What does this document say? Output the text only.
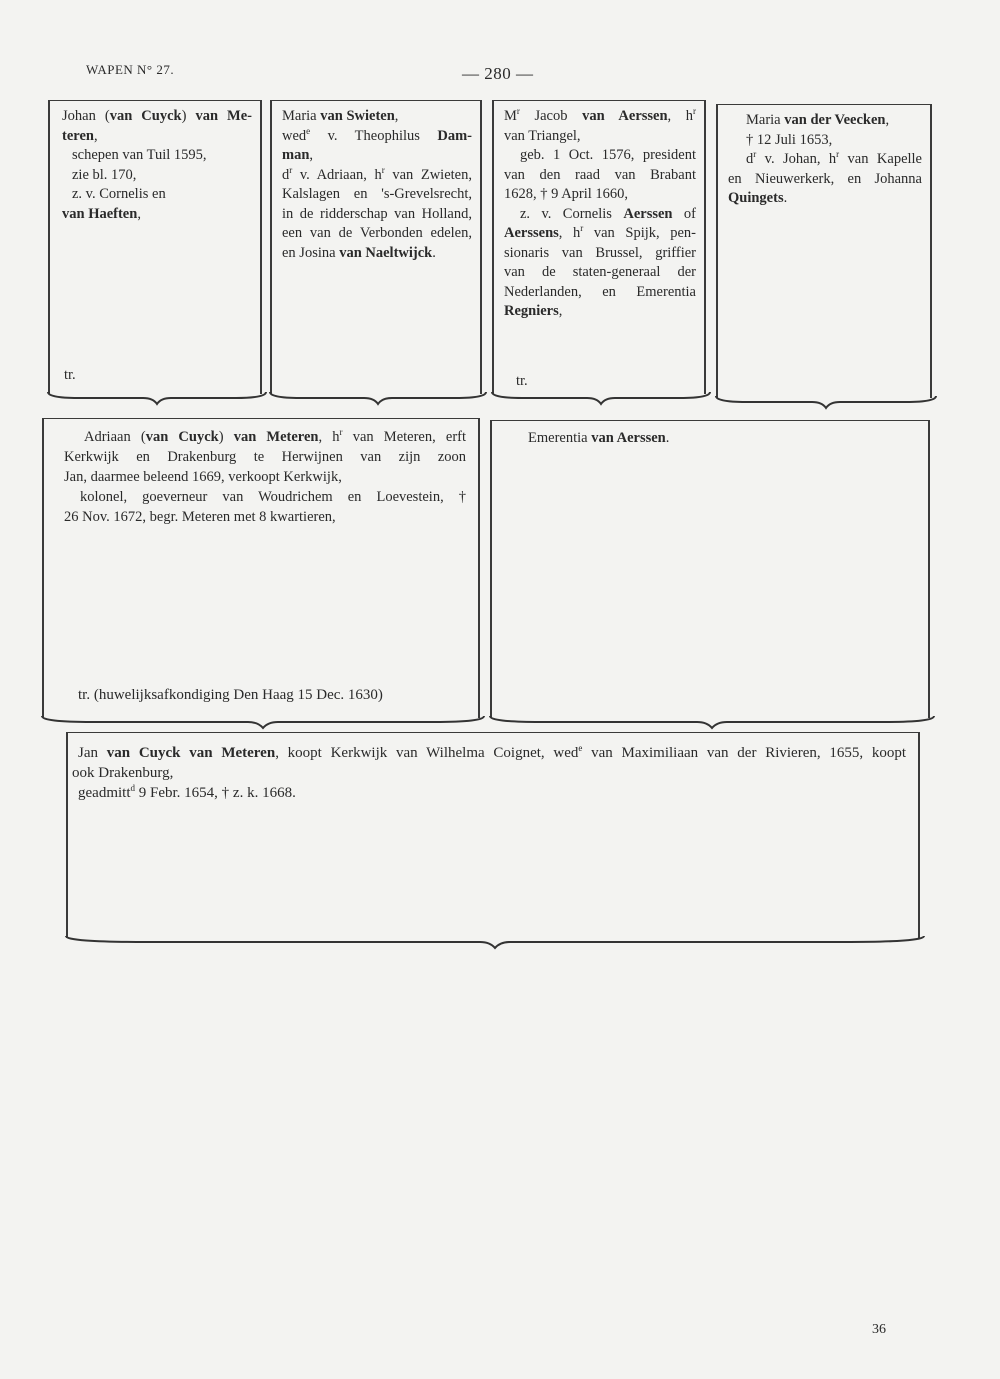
WAPEN N° 27.	— 280 —
Johan (van Cuyck) van Me-
teren,
schepen van Tuil 1595,
zie bl. 170,
z. v. Cornelis en
van Haeften,
tr.
Maria van Swieten,
wed$^e$ v. Theophilus Dam-
man,
$d^r$ v. Adriaan, $h^r$ van Zwieten,
Kalslagen en 's-Grevelsrecht,
in de ridderschap van Holland,
een van de Verbonden edelen,
en Josina van Naeltwijck.
$M^r$ Jacob van Aerssen, $h^r$
van Triangel,
geb. 1 Oct. 1576, president
van den raad van Brabant
1628, † 9 April 1660,
z. v. Cornelis Aerssen of
Aerssens, $h^r$ van Spijk, pen-
sionaris van Brussel, griffier
van de staten-generaal der
Nederlanden, en Emerentia
Regniers,
tr.
Maria van der Veecken,
† 12 Juli 1653,
$d^r$ v. Johan, $h^r$ van Kapelle
en Nieuwerkerk, en Johanna
Quingets.
Adriaan (van Cuyck) van Meteren, $h^r$ van Meteren, erft
Kerkwijk en Drakenburg te Herwijnen van zijn zoon
Jan, daarmee beleend 1669, verkoopt Kerkwijk,
kolonel, goeverneur van Woudrichem en Loevestein, †
26 Nov. 1672, begr. Meteren met 8 kwartieren,
tr. (huwelijksafkondiging Den Haag 15 Dec. 1630)
Emerentia van Aerssen.
Jan van Cuyck van Meteren, koopt Kerkwijk van Wilhelma Coignet, wed$^e$ van Maximiliaan van der Rivieren, 1655, koopt
ook Drakenburg,
geadmitt$^d$ 9 Febr. 1654, † z. k. 1668.
36
